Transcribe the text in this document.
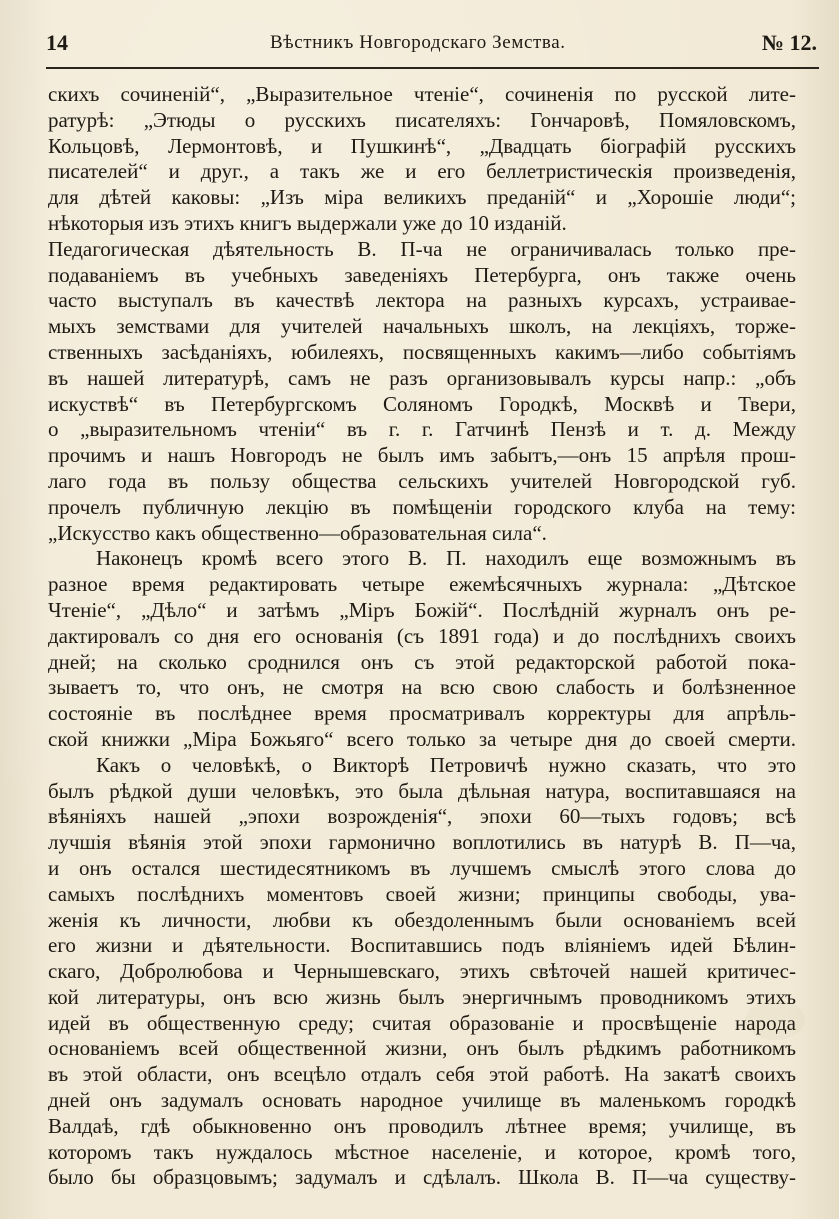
14	Вѣстникъ Новгородскаго Земства.	№ 12.
скихъ сочиненій“, „Выразительное чтеніе“, сочиненія по русской лите-
ратурѣ: „Этюды о русскихъ писателяхъ: Гончаровѣ, Помяловскомъ,
Кольцовѣ, Лермонтовѣ, и Пушкинѣ“, „Двадцать біографій русскихъ
писателей“ и друг., а такъ же и его беллетристическія произведенія,
для дѣтей каковы: „Изъ міра великихъ преданій“ и „Хорошіе люди“;
нѣкоторыя изъ этихъ книгъ выдержали уже до 10 изданій.
Педагогическая дѣятельность В. П-ча не ограничивалась только пре-
подаваніемъ въ учебныхъ заведеніяхъ Петербурга, онъ также очень
часто выступалъ въ качествѣ лектора на разныхъ курсахъ, устраивае-
мыхъ земствами для учителей начальныхъ школъ, на лекціяхъ, торже-
ственныхъ засѣданіяхъ, юбилеяхъ, посвященныхъ какимъ—либо событіямъ
въ нашей литературѣ, самъ не разъ организовывалъ курсы напр.: „объ
искуствѣ“ въ Петербургскомъ Соляномъ Городкѣ, Москвѣ и Твери,
о „выразительномъ чтеніи“ въ г. г. Гатчинѣ Пензѣ и т. д. Между
прочимъ и нашъ Новгородъ не былъ имъ забытъ,—онъ 15 апрѣля прош-
лаго года въ пользу общества сельскихъ учителей Новгородской губ.
прочелъ публичную лекцію въ помѣщеніи городского клуба на тему:
„Искусство какъ общественно—образовательная сила“.
Наконецъ кромѣ всего этого В. П. находилъ еще возможнымъ въ
разное время редактировать четыре ежемѣсячныхъ журнала: „Дѣтское
Чтеніе“, „Дѣло“ и затѣмъ „Міръ Божій“. Послѣдній журналъ онъ ре-
дактировалъ со дня его основанія (съ 1891 года) и до послѣднихъ своихъ
дней; на сколько сроднился онъ съ этой редакторской работой пока-
зываетъ то, что онъ, не смотря на всю свою слабость и болѣзненное
состояніе въ послѣднее время просматривалъ корректуры для апрѣль-
ской книжки „Міра Божьяго“ всего только за четыре дня до своей смерти.
Какъ о человѣкѣ, о Викторѣ Петровичѣ нужно сказать, что это
былъ рѣдкой души человѣкъ, это была дѣльная натура, воспитавшаяся на
вѣяніяхъ нашей „эпохи возрожденія“, эпохи 60—тыхъ годовъ; всѣ
лучшія вѣянія этой эпохи гармонично воплотились въ натурѣ В. П—ча,
и онъ остался шестидесятникомъ въ лучшемъ смыслѣ этого слова до
самыхъ послѣднихъ моментовъ своей жизни; принципы свободы, ува-
женія къ личности, любви къ обездоленнымъ были основаніемъ всей
его жизни и дѣятельности. Воспитавшись подъ вліяніемъ идей Бѣлин-
скаго, Добролюбова и Чернышевскаго, этихъ свѣточей нашей критичес-
кой литературы, онъ всю жизнь былъ энергичнымъ проводникомъ этихъ
идей въ общественную среду; считая образованіе и просвѣщеніе народа
основаніемъ всей общественной жизни, онъ былъ рѣдкимъ работникомъ
въ этой области, онъ всецѣло отдалъ себя этой работѣ. На закатѣ своихъ
дней онъ задумалъ основать народное училище въ маленькомъ городкѣ
Валдаѣ, гдѣ обыкновенно онъ проводилъ лѣтнее время; училище, въ
которомъ такъ нуждалось мѣстное населеніе, и которое, кромѣ того,
было бы образцовымъ; задумалъ и сдѣлалъ. Школа В. П—ча существу-
